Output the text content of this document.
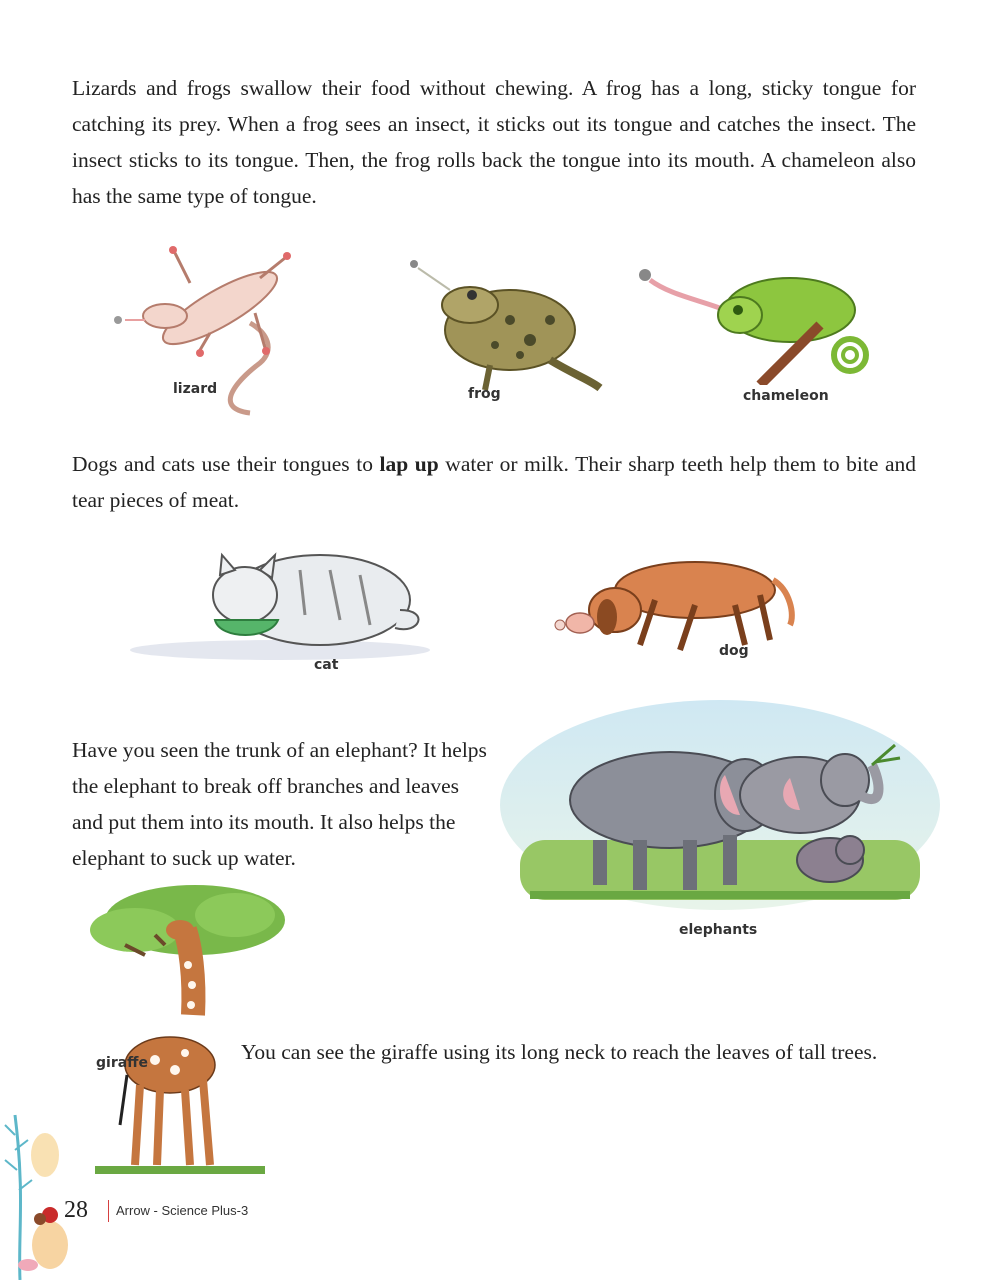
Lizards and frogs swallow their food without chewing. A frog has a long, sticky tongue for catching its prey. When a frog sees an insect, it sticks out its tongue and catches the insect. The insect sticks to its tongue. Then, the frog rolls back the tongue into its mouth. A chameleon also has the same type of tongue.

lizard	frog	chameleon

Dogs and cats use their tongues to lap up water or milk. Their sharp teeth help them to bite and tear pieces of meat.

cat
dog

Have you seen the trunk of an elephant? It helps the elephant to break off branches and leaves and put them into its mouth. It also helps the elephant to suck up water.

elephants
giraffe	You can see the giraffe using its long neck to reach the leaves of tall trees.

28 Arrow - Science Plus-3
